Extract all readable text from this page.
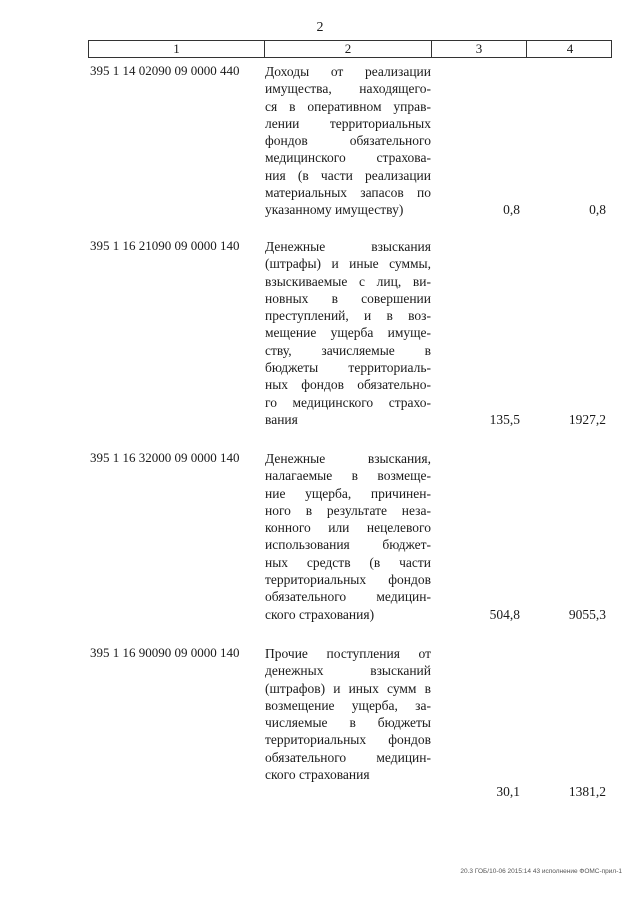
2
1	2	3	4
395 1 14 02090 09 0000 440 Доходы от реализации
имущества, находящего-
ся в оперативном управ-
лении территориальных
фондов обязательного
медицинского страхова-
ния (в части реализации
материальных запасов по
указанному имуществу)	0,8	0,8
395 1 16 21090 09 0000 140 Денежные взыскания
(штрафы) и иные суммы,
взыскиваемые с лиц, ви-
новных в совершении
преступлений, и в воз-
мещение ущерба имуще-
ству, зачисляемые в
бюджеты территориаль-
ных фондов обязательно-
го медицинского страхо-
вания	135,5	1927,2
395 1 16 32000 09 0000 140 Денежные взыскания,
налагаемые в возмеще-
ние ущерба, причинен-
ного в результате неза-
конного или нецелевого
использования бюджет-
ных средств (в части
территориальных фондов
обязательного медицин-
ского страхования)	504,8	9055,3
395 1 16 90090 09 0000 140 Прочие поступления от
денежных взысканий
(штрафов) и иных сумм в
возмещение ущерба, за-
числяемые в бюджеты
территориальных фондов
обязательного медицин-
ского страхования
30,1	1381,2
20.3 ГОБ/10-06 2015:14 43 исполнение ФОМС-прил-1
